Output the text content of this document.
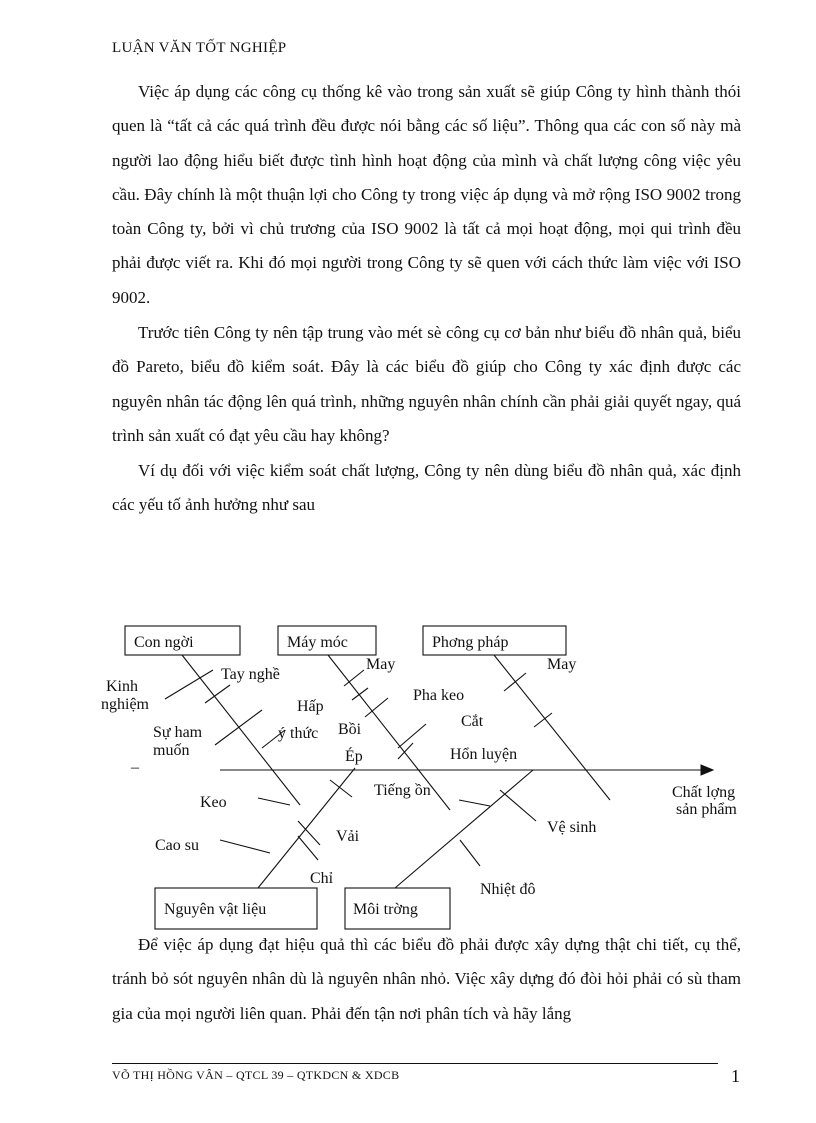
LUẬN VĂN TỐT NGHIỆP

Việc áp dụng các công cụ thống kê vào trong sản xuất sẽ giúp Công ty hình thành thói quen là “tất cả các quá trình đều được nói bằng các số liệu”. Thông qua các con số này mà người lao động hiểu biết được tình hình hoạt động của mình và chất lượng công việc yêu cầu. Đây chính là một thuận lợi cho Công ty trong việc áp dụng và mở rộng ISO 9002 trong toàn Công ty, bởi vì chủ trương của ISO 9002 là tất cả mọi hoạt động, mọi qui trình đều phải được viết ra. Khi đó mọi người trong Công ty sẽ quen với cách thức làm việc với ISO 9002.

Trước tiên Công ty nên tập trung vào mét sè công cụ cơ bản như biểu đồ nhân quả, biểu đồ Pareto, biểu đồ kiểm soát. Đây là các biểu đồ giúp cho Công ty xác định được các nguyên nhân tác động lên quá trình, những nguyên nhân chính cần phải giải quyết ngay, quá trình sản xuất có đạt yêu cầu hay không?

Ví dụ đối với việc kiểm soát chất lượng, Công ty nên dùng biểu đồ nhân quả, xác định các yếu tố ảnh hưởng như sau

Con ngời	Máy móc	Phơng pháp
Nguyên vật liệu	Môi trờng
Chất lợng
sản phẩm
Kinh
nghiệm
Tay nghề
Sự ham
muốn
–
May
Hấp
ý thức Bồi
Ép
Pha keo
Cắt
May
Hổn luyện
Tiếng ồn
Keo
Cao su
Vải
Chỉ
Vệ sinh
Nhiệt đô

Để việc áp dụng đạt hiệu quả thì các biểu đồ phải được xây dựng thật chi tiết, cụ thể, tránh bỏ sót nguyên nhân dù là nguyên nhân nhỏ. Việc xây dựng đó đòi hỏi phải có sù tham gia của mọi người liên quan. Phải đến tận nơi phân tích và hãy lắng

VÕ THỊ HỒNG VÂN – QTCL 39 – QTKDCN & XDCB	1
